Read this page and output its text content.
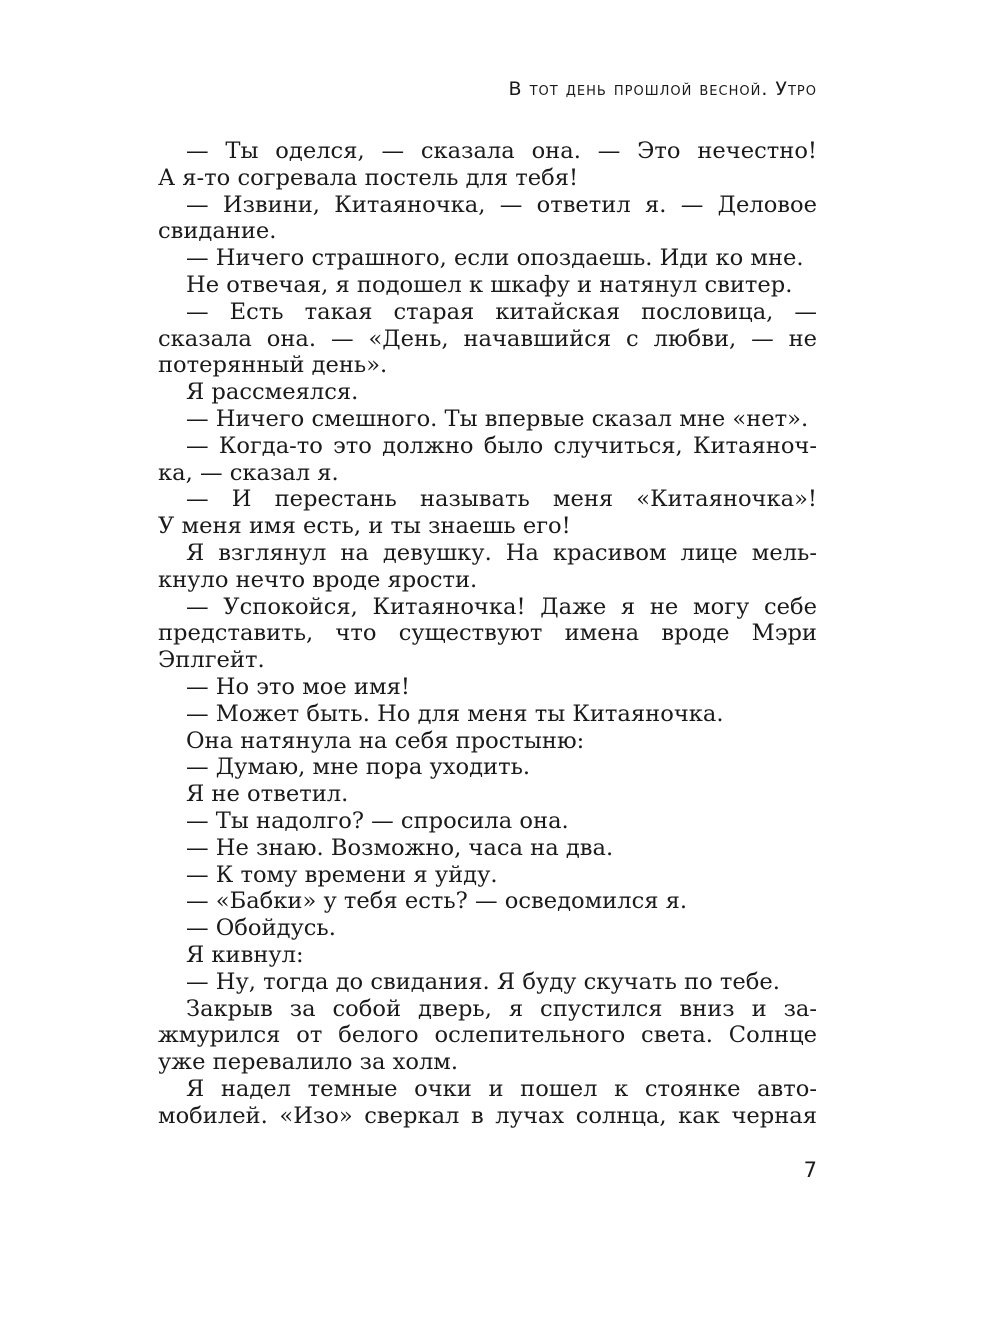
В тот день прошлой весной. Утро
— Ты оделся, — сказала она. — Это нечестно!
А я-то согревала постель для тебя!
— Извини, Китаяночка, — ответил я. — Деловое
свидание.
— Ничего страшного, если опоздаешь. Иди ко мне.
Не отвечая, я подошел к шкафу и натянул свитер.
— Есть такая старая китайская пословица, —
сказала она. — «День, начавшийся с любви, — не
потерянный день».
Я рассмеялся.
— Ничего смешного. Ты впервые сказал мне «нет».
— Когда-то это должно было случиться, Китаяноч-
ка, — сказал я.
— И перестань называть меня «Китаяночка»!
У меня имя есть, и ты знаешь его!
Я взглянул на девушку. На красивом лице мель-
кнуло нечто вроде ярости.
— Успокойся, Китаяночка! Даже я не могу себе
представить, что существуют имена вроде Мэри
Эплгейт.
— Но это мое имя!
— Может быть. Но для меня ты Китаяночка.
Она натянула на себя простыню:
— Думаю, мне пора уходить.
Я не ответил.
— Ты надолго? — спросила она.
— Не знаю. Возможно, часа на два.
— К тому времени я уйду.
— «Бабки» у тебя есть? — осведомился я.
— Обойдусь.
Я кивнул:
— Ну, тогда до свидания. Я буду скучать по тебе.
Закрыв за собой дверь, я спустился вниз и за-
жмурился от белого ослепительного света. Солнце
уже перевалило за холм.
Я надел темные очки и пошел к стоянке авто-
мобилей. «Изо» сверкал в лучах солнца, как черная
7
